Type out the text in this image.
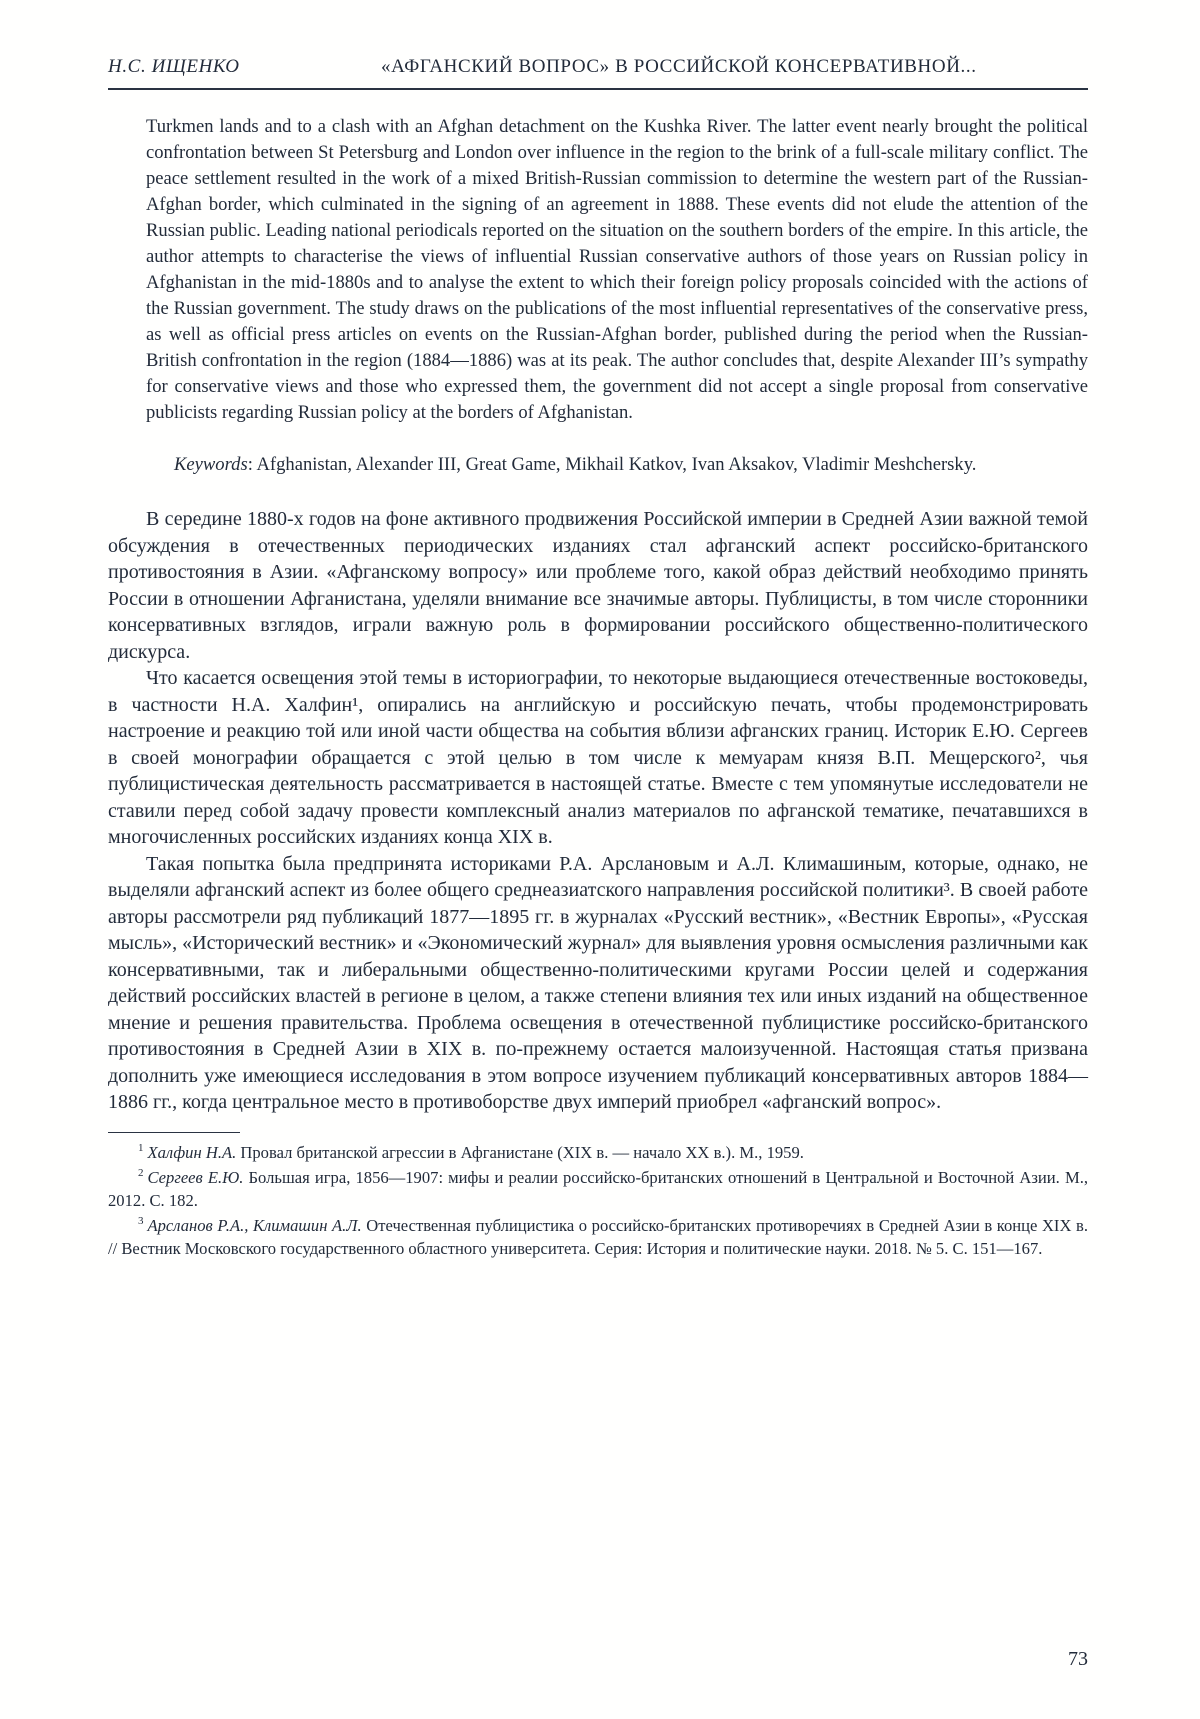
Н.С. ИЩЕНКО	«АФГАНСКИЙ ВОПРОС» В РОССИЙСКОЙ КОНСЕРВАТИВНОЙ...

Turkmen lands and to a clash with an Afghan detachment on the Kushka River. The latter event nearly brought the political confrontation between St Petersburg and London over influence in the region to the brink of a full-scale military conflict. The peace settlement resulted in the work of a mixed British-Russian commission to determine the western part of the Russian-Afghan border, which culminated in the signing of an agreement in 1888. These events did not elude the attention of the Russian public. Leading national periodicals reported on the situation on the southern borders of the empire. In this article, the author attempts to characterise the views of influential Russian conservative authors of those years on Russian policy in Afghanistan in the mid-1880s and to analyse the extent to which their foreign policy proposals coincided with the actions of the Russian government. The study draws on the publications of the most influential representatives of the conservative press, as well as official press articles on events on the Russian-Afghan border, published during the period when the Russian-British confrontation in the region (1884—1886) was at its peak. The author concludes that, despite Alexander III’s sympathy for conservative views and those who expressed them, the government did not accept a single proposal from conservative publicists regarding Russian policy at the borders of Afghanistan.

Keywords: Afghanistan, Alexander III, Great Game, Mikhail Katkov, Ivan Aksakov, Vladimir Meshchersky.

В середине 1880-х годов на фоне активного продвижения Российской империи в Средней Азии важной темой обсуждения в отечественных периодических изданиях стал афганский аспект российско-британского противостояния в Азии. «Афганскому вопросу» или проблеме того, какой образ действий необходимо принять России в отношении Афганистана, уделяли внимание все значимые авторы. Публицисты, в том числе сторонники консервативных взглядов, играли важную роль в формировании российского общественно-политического дискурса.

Что касается освещения этой темы в историографии, то некоторые выдающиеся отечественные востоковеды, в частности Н.А. Халфин¹, опирались на английскую и российскую печать, чтобы продемонстрировать настроение и реакцию той или иной части общества на события вблизи афганских границ. Историк Е.Ю. Сергеев в своей монографии обращается с этой целью в том числе к мемуарам князя В.П. Мещерского², чья публицистическая деятельность рассматривается в настоящей статье. Вместе с тем упомянутые исследователи не ставили перед собой задачу провести комплексный анализ материалов по афганской тематике, печатавшихся в многочисленных российских изданиях конца XIX в.

Такая попытка была предпринята историками Р.А. Арслановым и А.Л. Климашиным, которые, однако, не выделяли афганский аспект из более общего среднеазиатского направления российской политики³. В своей работе авторы рассмотрели ряд публикаций 1877—1895 гг. в журналах «Русский вестник», «Вестник Европы», «Русская мысль», «Исторический вестник» и «Экономический журнал» для выявления уровня осмысления различными как консервативными, так и либеральными общественно-политическими кругами России целей и содержания действий российских властей в регионе в целом, а также степени влияния тех или иных изданий на общественное мнение и решения правительства. Проблема освещения в отечественной публицистике российско-британского противостояния в Средней Азии в XIX в. по-прежнему остается малоизученной. Настоящая статья призвана дополнить уже имеющиеся исследования в этом вопросе изучением публикаций консервативных авторов 1884—1886 гг., когда центральное место в противоборстве двух империй приобрел «афганский вопрос».

$^1$ Халфин Н.А. Провал британской агрессии в Афганистане (XIX в. — начало XX в.). М., 1959.

$^2$ Сергеев Е.Ю. Большая игра, 1856—1907: мифы и реалии российско-британских отношений в Центральной и Восточной Азии. М., 2012. С. 182.

$^3$ Арсланов Р.А., Климашин А.Л. Отечественная публицистика о российско-британских противоречиях в Средней Азии в конце XIX в. // Вестник Московского государственного областного университета. Серия: История и политические науки. 2018. № 5. С. 151—167.

73
